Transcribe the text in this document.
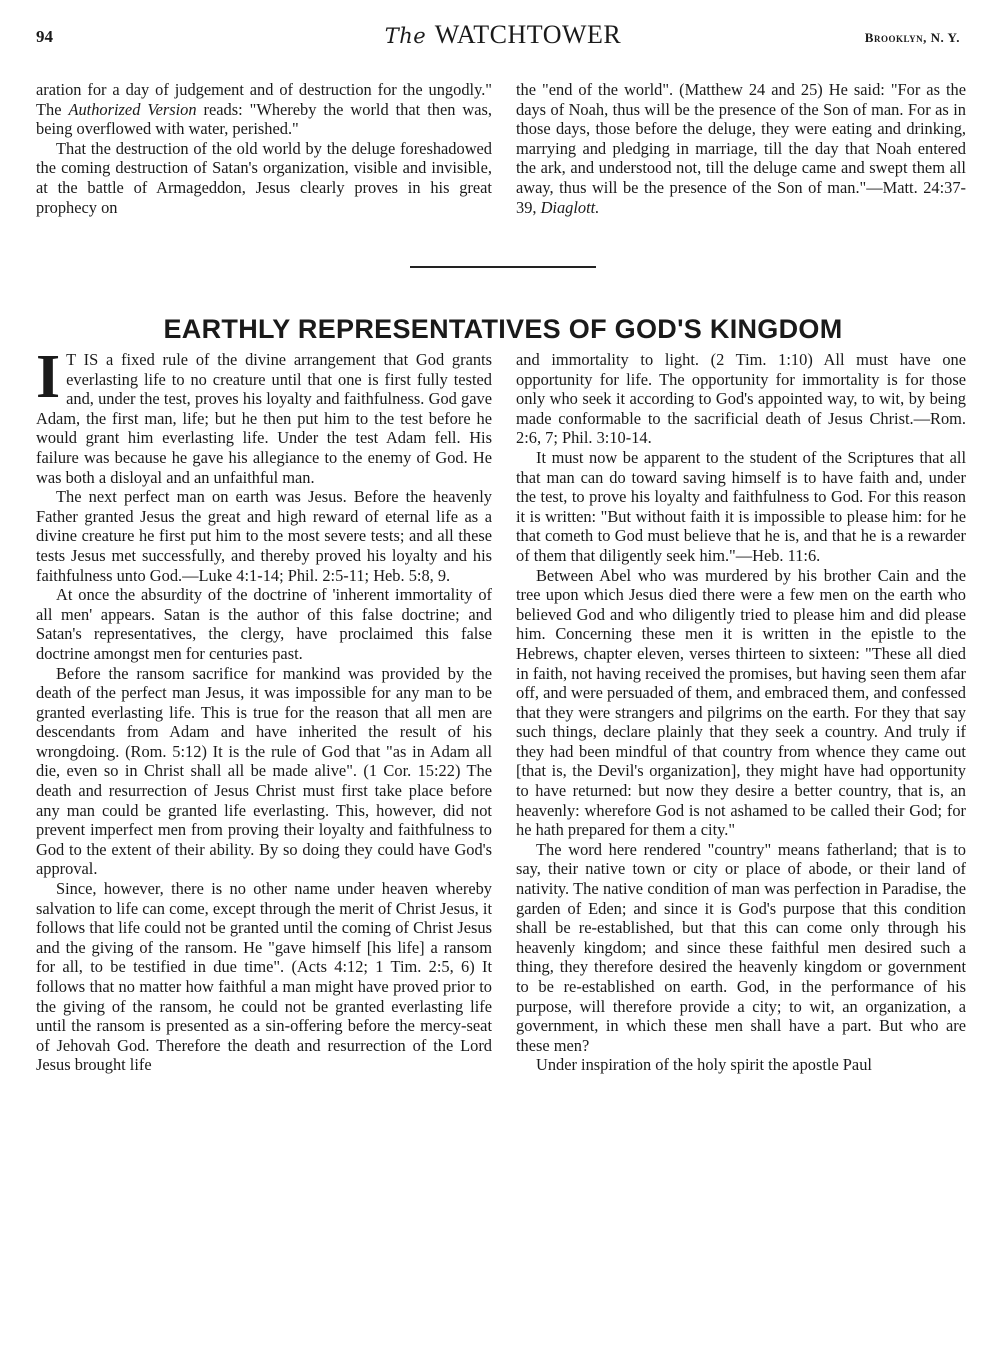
94	The WATCHTOWER	Brooklyn, N. Y.

aration for a day of judgement and of destruction for the ungodly." The Authorized Version reads: "Whereby the world that then was, being overflowed with water, perished."

That the destruction of the old world by the deluge foreshadowed the coming destruction of Satan's organization, visible and invisible, at the battle of Armageddon, Jesus clearly proves in his great prophecy on

the "end of the world". (Matthew 24 and 25) He said: "For as the days of Noah, thus will be the presence of the Son of man. For as in those days, those before the deluge, they were eating and drinking, marrying and pledging in marriage, till the day that Noah entered the ark, and understood not, till the deluge came and swept them all away, thus will be the presence of the Son of man."—Matt. 24:37-39, Diaglott.

EARTHLY REPRESENTATIVES OF GOD'S KINGDOM

I T IS a fixed rule of the divine arrangement that God grants everlasting life to no creature until that one is first fully tested and, under the test, proves his loyalty and faithfulness. God gave Adam, the first man, life; but he then put him to the test before he would grant him everlasting life. Under the test Adam fell. His failure was because he gave his allegiance to the enemy of God. He was both a disloyal and an unfaithful man.

The next perfect man on earth was Jesus. Before the heavenly Father granted Jesus the great and high reward of eternal life as a divine creature he first put him to the most severe tests; and all these tests Jesus met successfully, and thereby proved his loyalty and his faithfulness unto God.—Luke 4:1-14; Phil. 2:5-11; Heb. 5:8, 9.

At once the absurdity of the doctrine of 'inherent immortality of all men' appears. Satan is the author of this false doctrine; and Satan's representatives, the clergy, have proclaimed this false doctrine amongst men for centuries past.

Before the ransom sacrifice for mankind was provided by the death of the perfect man Jesus, it was impossible for any man to be granted everlasting life. This is true for the reason that all men are descendants from Adam and have inherited the result of his wrongdoing. (Rom. 5:12) It is the rule of God that "as in Adam all die, even so in Christ shall all be made alive". (1 Cor. 15:22) The death and resurrection of Jesus Christ must first take place before any man could be granted life everlasting. This, however, did not prevent imperfect men from proving their loyalty and faithfulness to God to the extent of their ability. By so doing they could have God's approval.

Since, however, there is no other name under heaven whereby salvation to life can come, except through the merit of Christ Jesus, it follows that life could not be granted until the coming of Christ Jesus and the giving of the ransom. He "gave himself [his life] a ransom for all, to be testified in due time". (Acts 4:12; 1 Tim. 2:5, 6) It follows that no matter how faithful a man might have proved prior to the giving of the ransom, he could not be granted everlasting life until the ransom is presented as a sin-offering before the mercy-seat of Jehovah God. Therefore the death and resurrection of the Lord Jesus brought life

and immortality to light. (2 Tim. 1:10) All must have one opportunity for life. The opportunity for immortality is for those only who seek it according to God's appointed way, to wit, by being made conformable to the sacrificial death of Jesus Christ.—Rom. 2:6, 7; Phil. 3:10-14.

It must now be apparent to the student of the Scriptures that all that man can do toward saving himself is to have faith and, under the test, to prove his loyalty and faithfulness to God. For this reason it is written: "But without faith it is impossible to please him: for he that cometh to God must believe that he is, and that he is a rewarder of them that diligently seek him."—Heb. 11:6.

Between Abel who was murdered by his brother Cain and the tree upon which Jesus died there were a few men on the earth who believed God and who diligently tried to please him and did please him. Concerning these men it is written in the epistle to the Hebrews, chapter eleven, verses thirteen to sixteen: "These all died in faith, not having received the promises, but having seen them afar off, and were persuaded of them, and embraced them, and confessed that they were strangers and pilgrims on the earth. For they that say such things, declare plainly that they seek a country. And truly if they had been mindful of that country from whence they came out [that is, the Devil's organization], they might have had opportunity to have returned: but now they desire a better country, that is, an heavenly: wherefore God is not ashamed to be called their God; for he hath prepared for them a city."

The word here rendered "country" means fatherland; that is to say, their native town or city or place of abode, or their land of nativity. The native condition of man was perfection in Paradise, the garden of Eden; and since it is God's purpose that this condition shall be re-established, but that this can come only through his heavenly kingdom; and since these faithful men desired such a thing, they therefore desired the heavenly kingdom or government to be re-established on earth. God, in the performance of his purpose, will therefore provide a city; to wit, an organization, a government, in which these men shall have a part. But who are these men?

Under inspiration of the holy spirit the apostle Paul
